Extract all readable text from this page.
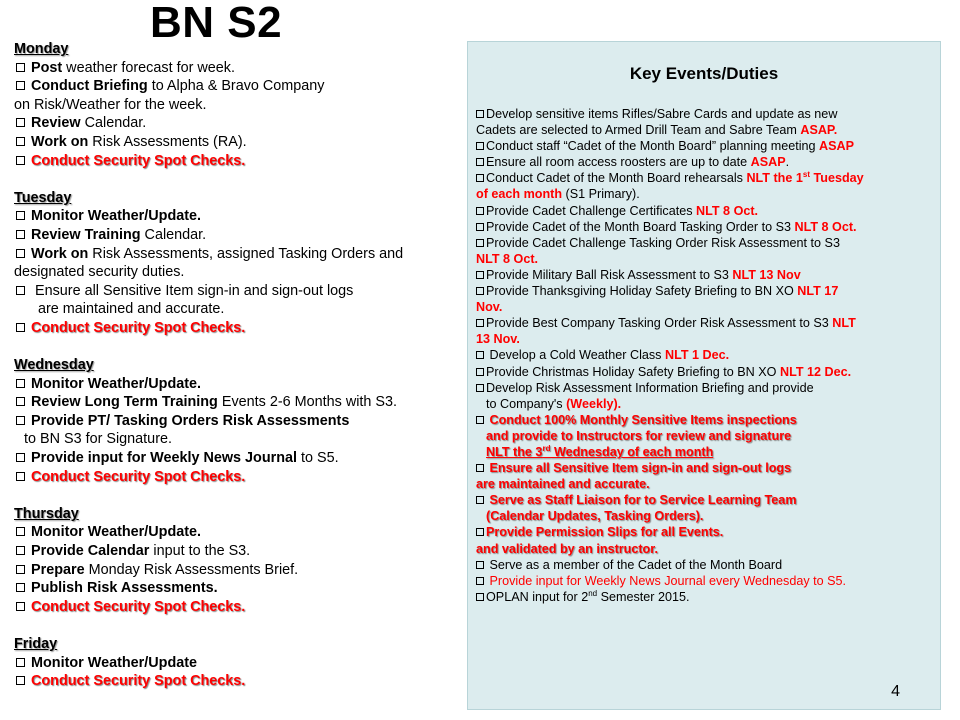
BN S2
Monday
Post weather forecast for week.
Conduct Briefing to Alpha & Bravo Company
on Risk/Weather for the week.
Review Calendar.
Work on Risk Assessments (RA).
Conduct Security Spot Checks.
Tuesday
Monitor Weather/Update.
Review Training Calendar.
Work on Risk Assessments, assigned Tasking Orders and
designated security duties.
Ensure all Sensitive Item sign-in and sign-out logs
are maintained and accurate.
Conduct Security Spot Checks.
Wednesday
Monitor Weather/Update.
Review Long Term Training Events 2-6 Months with S3.
Provide PT/ Tasking Orders Risk Assessments
to BN S3 for Signature.
Provide input for Weekly News Journal to S5.
Conduct Security Spot Checks.
Thursday
Monitor Weather/Update.
Provide Calendar input to the S3.
Prepare Monday Risk Assessments Brief.
Publish Risk Assessments.
Conduct Security Spot Checks.
Friday
Monitor Weather/Update
Conduct Security Spot Checks.
Key Events/Duties
Develop sensitive items Rifles/Sabre Cards and update as new
Cadets are selected to Armed Drill Team and Sabre Team ASAP.
Conduct staff “Cadet of the Month Board” planning meeting ASAP
Ensure all room access roosters are up to date ASAP.
Conduct Cadet of the Month Board rehearsals NLT the 1st Tuesday
of each month (S1 Primary).
Provide Cadet Challenge Certificates NLT 8 Oct.
Provide Cadet of the Month Board Tasking Order to S3 NLT 8 Oct.
Provide Cadet Challenge Tasking Order Risk Assessment to S3
NLT 8 Oct.
Provide Military Ball Risk Assessment to S3 NLT 13 Nov
Provide Thanksgiving Holiday Safety Briefing to BN XO NLT 17
Nov.
Provide Best Company Tasking Order Risk Assessment to S3 NLT
13 Nov.
Develop a Cold Weather Class NLT 1 Dec.
Provide Christmas Holiday Safety Briefing to BN XO NLT 12 Dec.
Develop Risk Assessment Information Briefing and provide
to Company's (Weekly).
Conduct 100% Monthly Sensitive Items inspections
and provide to Instructors for review and signature
NLT the 3rd Wednesday of each month
Ensure all Sensitive Item sign-in and sign-out logs
are maintained and accurate.
Serve as Staff Liaison for to Service Learning Team
(Calendar Updates, Tasking Orders).
Provide Permission Slips for all Events.
and validated by an instructor.
Serve as a member of the Cadet of the Month Board
Provide input for Weekly News Journal every Wednesday to S5.
OPLAN input for 2nd Semester 2015.
4
